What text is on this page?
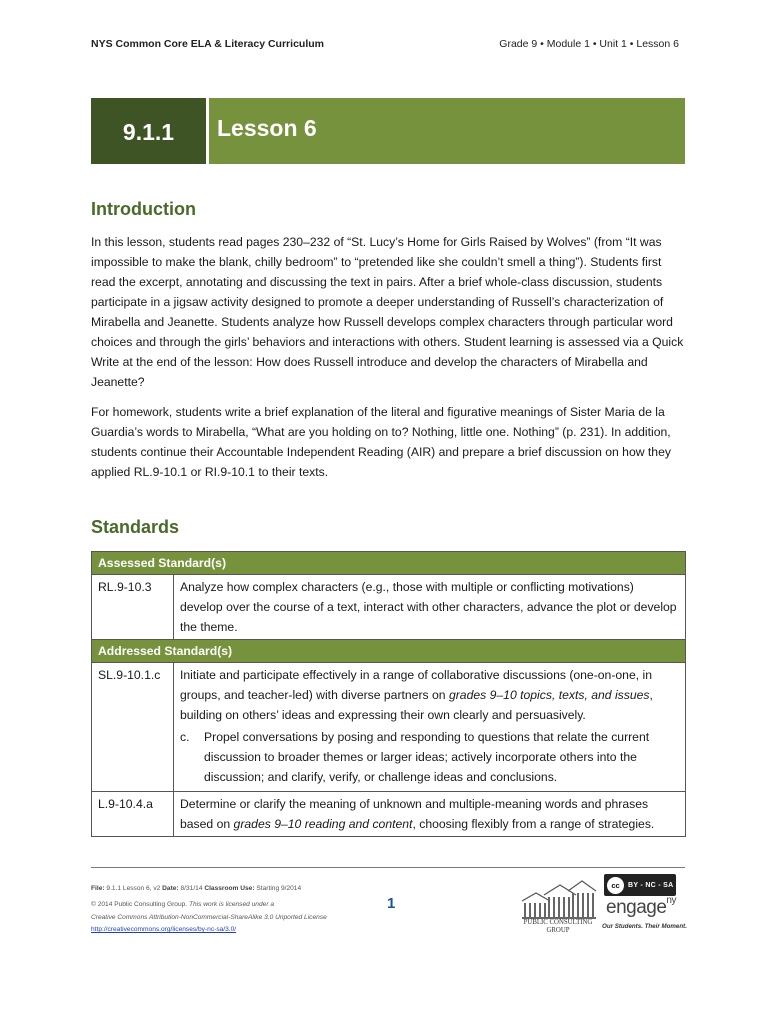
NYS Common Core ELA & Literacy Curriculum	Grade 9 • Module 1 • Unit 1 • Lesson 6
9.1.1	Lesson 6
Introduction

In this lesson, students read pages 230–232 of “St. Lucy’s Home for Girls Raised by Wolves” (from “It was impossible to make the blank, chilly bedroom” to “pretended like she couldn’t smell a thing”). Students first read the excerpt, annotating and discussing the text in pairs. After a brief whole-class discussion, students participate in a jigsaw activity designed to promote a deeper understanding of Russell’s characterization of Mirabella and Jeanette. Students analyze how Russell develops complex characters through particular word choices and through the girls’ behaviors and interactions with others. Student learning is assessed via a Quick Write at the end of the lesson: How does Russell introduce and develop the characters of Mirabella and Jeanette?

For homework, students write a brief explanation of the literal and figurative meanings of Sister Maria de la Guardia’s words to Mirabella, “What are you holding on to? Nothing, little one. Nothing” (p. 231). In addition, students continue their Accountable Independent Reading (AIR) and prepare a brief discussion on how they applied RL.9-10.1 or RI.9-10.1 to their texts.

Standards
Assessed Standard(s)	
RL.9-10.3	Analyze how complex characters (e.g., those with multiple or conflicting motivations) develop over the course of a text, interact with other characters, advance the plot or develop the theme.
Addressed Standard(s)	
SL.9-10.1.c	Initiate and participate effectively in a range of collaborative discussions (one-on-one, in groups, and teacher-led) with diverse partners on grades 9–10 topics, texts, and issues, building on others’ ideas and expressing their own clearly and persuasively.
c. Propel conversations by posing and responding to questions that relate the current discussion to broader themes or larger ideas; actively incorporate others into the discussion; and clarify, verify, or challenge ideas and conclusions.

L.9-10.4.a	Determine or clarify the meaning of unknown and multiple-meaning words and phrases based on grades 9–10 reading and content, choosing flexibly from a range of strategies.
File: 9.1.1 Lesson 6, v2 Date: 8/31/14 Classroom Use: Starting 9/2014
© 2014 Public Consulting Group. This work is licensed under a
Creative Commons Attribution-NonCommercial-ShareAlike 3.0 Unported License
http://creativecommons.org/licenses/by-nc-sa/3.0/
1
PUBLIC CONSULTING
GROUP
cc	BY - NC - SA
engage$^{ny}$
Our Students. Their Moment.
